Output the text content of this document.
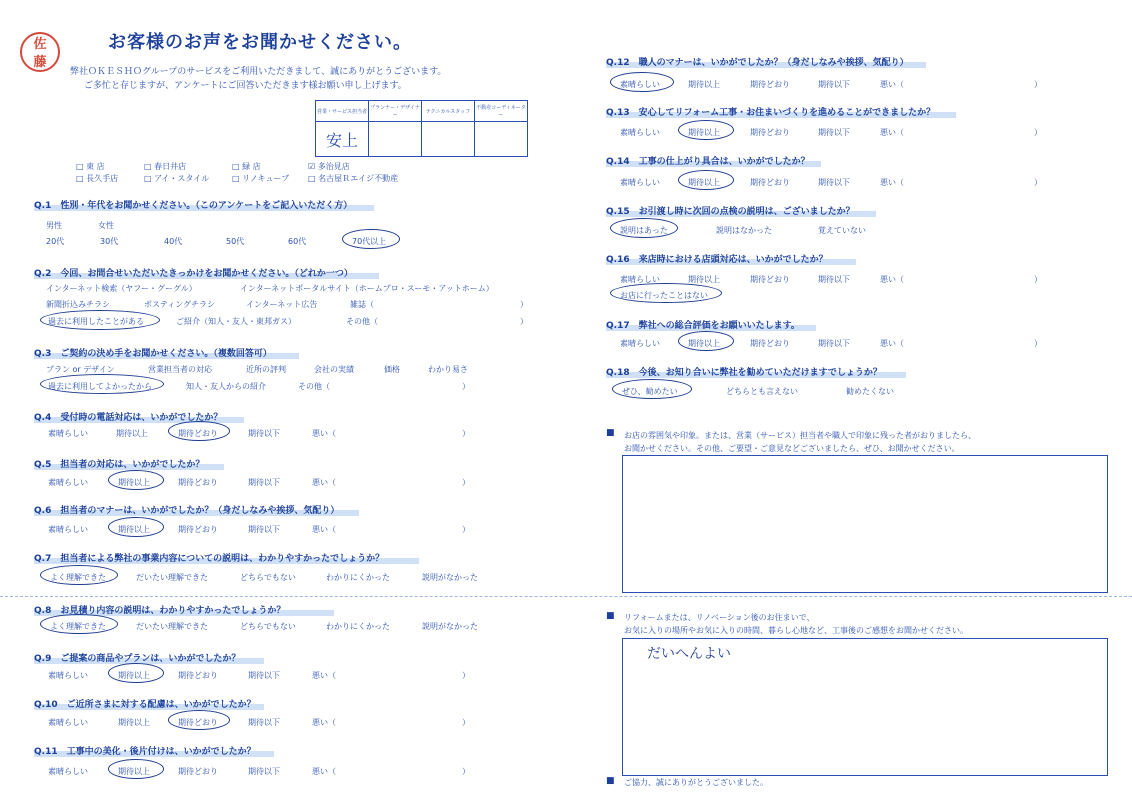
佐藤
お客様のお声をお聞かせください。
弊社ＯＫＥＳＨＯグループのサービスをご利用いただきまして、誠にありがとうございます。
ご多忙と存じますが、アンケートにご回答いただきます様お願い申し上げます。
営業・サービス担当者	プランナー・デザイナー	テクニカルスタッフ	不動産コーディネーター
安上			
□ 東 店	□ 春日井店	□ 緑 店	☑ 多治見店
□ 長久手店	□ アイ・スタイル	□ リノキューブ □ 名古屋Ｒエイジ不動産
Q.1　性別・年代をお聞かせください。（このアンケートをご記入いただく方）
男性	女性
20代	30代	40代	50代	60代	70代以上
Q.2　今回、お問合せいただいたきっかけをお聞かせください。（どれか一つ）
インターネット検索（ヤフー・グーグル）	インターネットポータルサイト（ホームプロ・スーモ・アットホーム）
新聞折込みチラシ	ポスティングチラシ	インターネット広告	雑誌（	）
過去に利用したことがある	ご紹介（知人・友人・東邦ガス）	その他（	）
Q.3　ご契約の決め手をお聞かせください。（複数回答可）
プラン or デザイン	営業担当者の対応	近所の評判	会社の実績	価格	わかり易さ
過去に利用してよかったから	知人・友人からの紹介	その他（	）
Q.4　受付時の電話対応は、いかがでしたか？
素晴らしい	期待以上	期待どおり	期待以下	悪い（	）
Q.5　担当者の対応は、いかがでしたか？
素晴らしい	期待以上	期待どおり	期待以下	悪い（	）
Q.6　担当者のマナーは、いかがでしたか？（身だしなみや挨拶、気配り）
素晴らしい	期待以上	期待どおり	期待以下	悪い（	）
Q.7　担当者による弊社の事業内容についての説明は、わかりやすかったでしょうか？
よく理解できた	だいたい理解できた	どちらでもない	わかりにくかった	説明がなかった
Q.8　お見積り内容の説明は、わかりやすかったでしょうか？
よく理解できた	だいたい理解できた	どちらでもない	わかりにくかった	説明がなかった
Q.9　ご提案の商品やプランは、いかがでしたか？
素晴らしい	期待以上	期待どおり	期待以下	悪い（	）
Q.10　ご近所さまに対する配慮は、いかがでしたか？
素晴らしい	期待以上	期待どおり	期待以下	悪い（	）
Q.11　工事中の美化・後片付けは、いかがでしたか？
素晴らしい	期待以上	期待どおり	期待以下	悪い（	）
Q.12　職人のマナーは、いかがでしたか？（身だしなみや挨拶、気配り）
素晴らしい	期待以上	期待どおり	期待以下	悪い（	）
Q.13　安心してリフォーム工事・お住まいづくりを進めることができましたか？
素晴らしい	期待以上	期待どおり	期待以下	悪い（	）
Q.14　工事の仕上がり具合は、いかがでしたか？
素晴らしい	期待以上	期待どおり	期待以下	悪い（	）
Q.15　お引渡し時に次回の点検の説明は、ございましたか？
説明はあった	説明はなかった	覚えていない
Q.16　来店時における店頭対応は、いかがでしたか？
素晴らしい	期待以上	期待どおり	期待以下	悪い（	）
お店に行ったことはない
Q.17　弊社への総合評価をお願いいたします。
素晴らしい	期待以上	期待どおり	期待以下	悪い（	）
Q.18　今後、お知り合いに弊社を勧めていただけますでしょうか？
ぜひ、勧めたい	どちらとも言えない	勧めたくない
■ お店の雰囲気や印象。または、営業（サービス）担当者や職人で印象に残った者がおりましたら、
お聞かせください。その他、ご要望・ご意見などございましたら、ぜひ、お聞かせください。
■ リフォームまたは、リノベーション後のお住まいで、
お気に入りの場所やお気に入りの時間、暮らし心地など、工事後のご感想をお聞かせください。
だいへんよい
■ ご協力、誠にありがとうございました。
